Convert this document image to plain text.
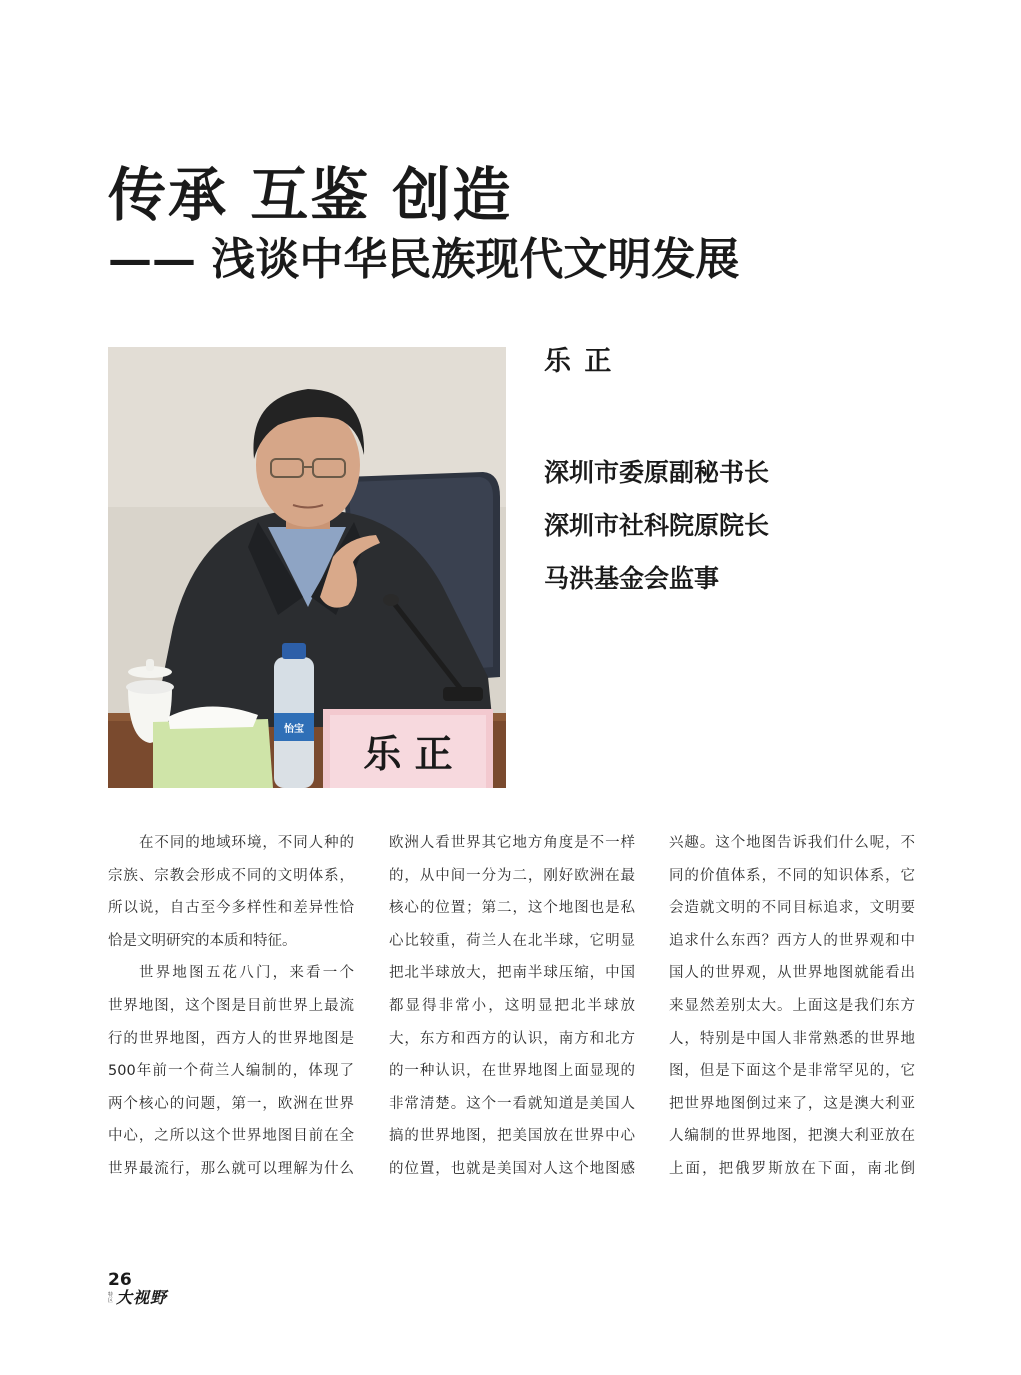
传承 互鉴 创造
—— 浅谈中华民族现代文明发展
怡宝
乐 正
乐 正
深圳市委原副秘书长
深圳市社科院原院长
马洪基金会监事
在不同的地域环境，不同人种的
宗族、宗教会形成不同的文明体系，
所以说，自古至今多样性和差异性恰
恰是文明研究的本质和特征。
世界地图五花八门，来看一个
世界地图，这个图是目前世界上最流
行的世界地图，西方人的世界地图是
500年前一个荷兰人编制的，体现了
两个核心的问题，第一，欧洲在世界
中心，之所以这个世界地图目前在全
世界最流行，那么就可以理解为什么
欧洲人看世界其它地方角度是不一样
的，从中间一分为二，刚好欧洲在最
核心的位置；第二，这个地图也是私
心比较重，荷兰人在北半球，它明显
把北半球放大，把南半球压缩，中国
都显得非常小，这明显把北半球放
大，东方和西方的认识，南方和北方
的一种认识，在世界地图上面显现的
非常清楚。这个一看就知道是美国人
搞的世界地图，把美国放在世界中心
的位置，也就是美国对人这个地图感
兴趣。这个地图告诉我们什么呢，不
同的价值体系，不同的知识体系，它
会造就文明的不同目标追求，文明要
追求什么东西？西方人的世界观和中
国人的世界观，从世界地图就能看出
来显然差别太大。上面这是我们东方
人，特别是中国人非常熟悉的世界地
图，但是下面这个是非常罕见的，它
把世界地图倒过来了，这是澳大利亚
人编制的世界地图，把澳大利亚放在
上面，把俄罗斯放在下面，南北倒
26
特区 大视野
